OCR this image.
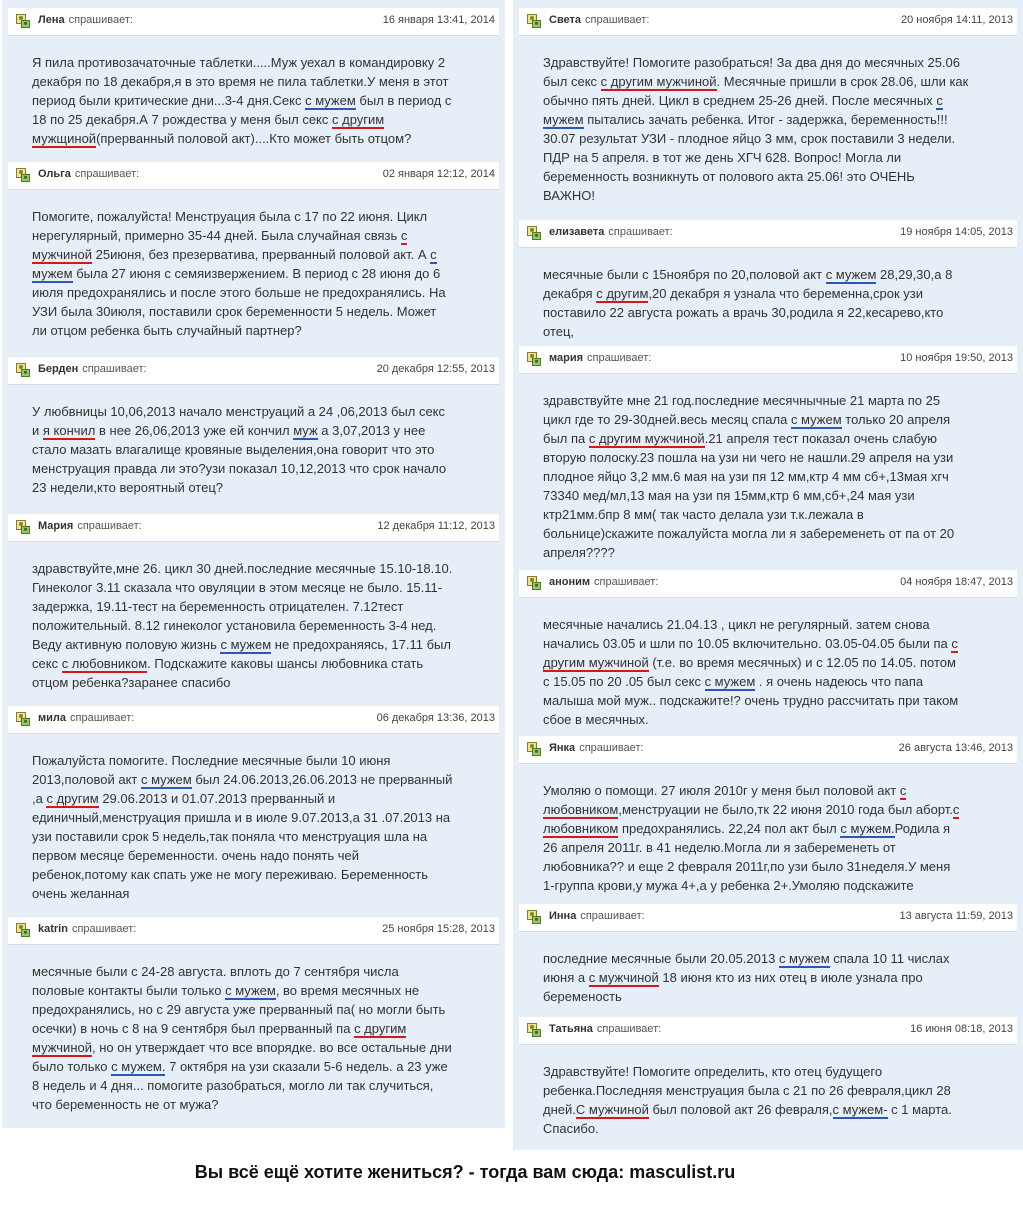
Лена спрашивает:	16 января 13:41, 2014

Я пила противозачаточные таблетки.....Муж уехал в командировку 2

декабря по 18 декабря,я в это время не пила таблетки.У меня в этот

период были критические дни...3-4 дня.Секс с мужем был в период с

18 по 25 декабря.А 7 рождества у меня был секс с другим

мужщиной(прерванный половой акт)....Кто может быть отцом?

Ольга спрашивает:	02 января 12:12, 2014

Помогите, пожалуйста! Менструация была с 17 по 22 июня. Цикл

нерегулярный, примерно 35-44 дней. Была случайная связь с

мужчиной 25июня, без презерватива, прерванный половой акт. А с

мужем была 27 июня с семяизвержением. В период с 28 июня до 6

июля предохранялись и после этого больше не предохранялись. На

УЗИ была 30июля, поставили срок беременности 5 недель. Может

ли отцом ребенка быть случайный партнер?

Берден спрашивает:	20 декабря 12:55, 2013

У любвницы 10,06,2013 начало менструаций а 24 ,06,2013 был секс

и я кончил в нее 26,06,2013 уже ей кончил муж а 3,07,2013 у нее

стало мазать влагалище кровяные выделения,она говорит что это

менструация правда ли это?узи показал 10,12,2013 что срок начало

23 недели,кто вероятный отец?

Мария спрашивает:	12 декабря 11:12, 2013

здравствуйте,мне 26. цикл 30 дней.последние месячные 15.10-18.10.

Гинеколог 3.11 сказала что овуляции в этом месяце не было. 15.11-

задержка, 19.11-тест на беременность отрицателен. 7.12тест

положительный. 8.12 гинеколог установила беременность 3-4 нед.

Веду активную половую жизнь с мужем не предохраняясь, 17.11 был

секс с любовником. Подскажите каковы шансы любовника стать

отцом ребенка?заранее спасибо

мила спрашивает:	06 декабря 13:36, 2013

Пожалуйста помогите. Последние месячные были 10 июня

2013,половой акт с мужем был 24.06.2013,26.06.2013 не прерванный

,а с другим 29.06.2013 и 01.07.2013 прерванный и

единичный,менструация пришла и в июле 9.07.2013,а 31 .07.2013 на

узи поставили срок 5 недель,так поняла что менструация шла на

первом месяце беременности. очень надо понять чей

ребенок,потому как спать уже не могу переживаю. Беременность

очень желанная

katrin спрашивает:	25 ноября 15:28, 2013

месячные были с 24-28 августа. вплоть до 7 сентября числа

половые контакты были только с мужем, во время месячных не

предохранялись, но с 29 августа уже прерванный па( но могли быть

осечки) в ночь с 8 на 9 сентября был прерванный па с другим

мужчиной, но он утверждает что все впорядке. во все остальные дни

было только с мужем. 7 октября на узи сказали 5-6 недель. а 23 уже

8 недель и 4 дня... помогите разобраться, могло ли так случиться,

что беременность не от мужа?

Света спрашивает:	20 ноября 14:11, 2013

Здравствуйте! Помогите разобраться! За два дня до месячных 25.06

был секс с другим мужчиной. Месячные пришли в срок 28.06, шли как

обычно пять дней. Цикл в среднем 25-26 дней. После месячных с

мужем пытались зачать ребенка. Итог - задержка, беременность!!!

30.07 результат УЗИ - плодное яйцо 3 мм, срок поставили 3 недели.

ПДР на 5 апреля. в тот же день ХГЧ 628. Вопрос! Могла ли

беременность возникнуть от полового акта 25.06! это ОЧЕНЬ

ВАЖНО!

елизавета спрашивает:	19 ноября 14:05, 2013

месячные были с 15ноября по 20,половой акт с мужем 28,29,30,а 8

декабря с другим,20 декабря я узнала что беременна,срок узи

поставило 22 августа рожать а врачь 30,родила я 22,кесарево,кто

отец,

мария спрашивает:	10 ноября 19:50, 2013

здравствуйте мне 21 год.последние месячнычные 21 марта по 25

цикл где то 29-30дней.весь месяц спала с мужем только 20 апреля

был па с другим мужчиной.21 апреля тест показал очень слабую

вторую полоску.23 пошла на узи ни чего не нашли.29 апреля на узи

плодное яйцо 3,2 мм.6 мая на узи пя 12 мм,ктр 4 мм сб+,13мая хгч

73340 мед/мл,13 мая на узи пя 15мм,ктр 6 мм,сб+,24 мая узи

ктр21мм.бпр 8 мм( так часто делала узи т.к.лежала в

больнице)скажите пожалуйста могла ли я забеременеть от па от 20

апреля????

аноним спрашивает:	04 ноября 18:47, 2013

месячные начались 21.04.13 , цикл не регулярный. затем снова

начались 03.05 и шли по 10.05 включительно. 03.05-04.05 были па с

другим мужчиной (т.е. во время месячных) и с 12.05 по 14.05. потом

с 15.05 по 20 .05 был секс с мужем . я очень надеюсь что папа

малыша мой муж.. подскажите!? очень трудно рассчитать при таком

сбое в месячных.

Янка спрашивает:	26 августа 13:46, 2013

Умоляю о помощи. 27 июля 2010г у меня был половой акт с

любовником,менструации не было,тк 22 июня 2010 года был аборт.с

любовником предохранялись. 22,24 пол акт был с мужем.Родила я

26 апреля 2011г. в 41 неделю.Могла ли я забеременеть от

любовника?? и еще 2 февраля 2011г,по узи было 31неделя.У меня

1-группа крови,у мужа 4+,а у ребенка 2+.Умоляю подскажите

Инна спрашивает:	13 августа 11:59, 2013

последние месячные были 20.05.2013 с мужем спала 10 11 числах

июня а с мужчиной 18 июня кто из них отец в июле узнала про

беременость

Татьяна спрашивает:	16 июня 08:18, 2013

Здравствуйте! Помогите определить, кто отец будущего

ребенка.Последняя менструация была с 21 по 26 февраля,цикл 28

дней.С мужчиной был половой акт 26 февраля,с мужем- с 1 марта.

Спасибо.

Вы всё ещё хотите жениться? - тогда вам сюда: masculist.ru
